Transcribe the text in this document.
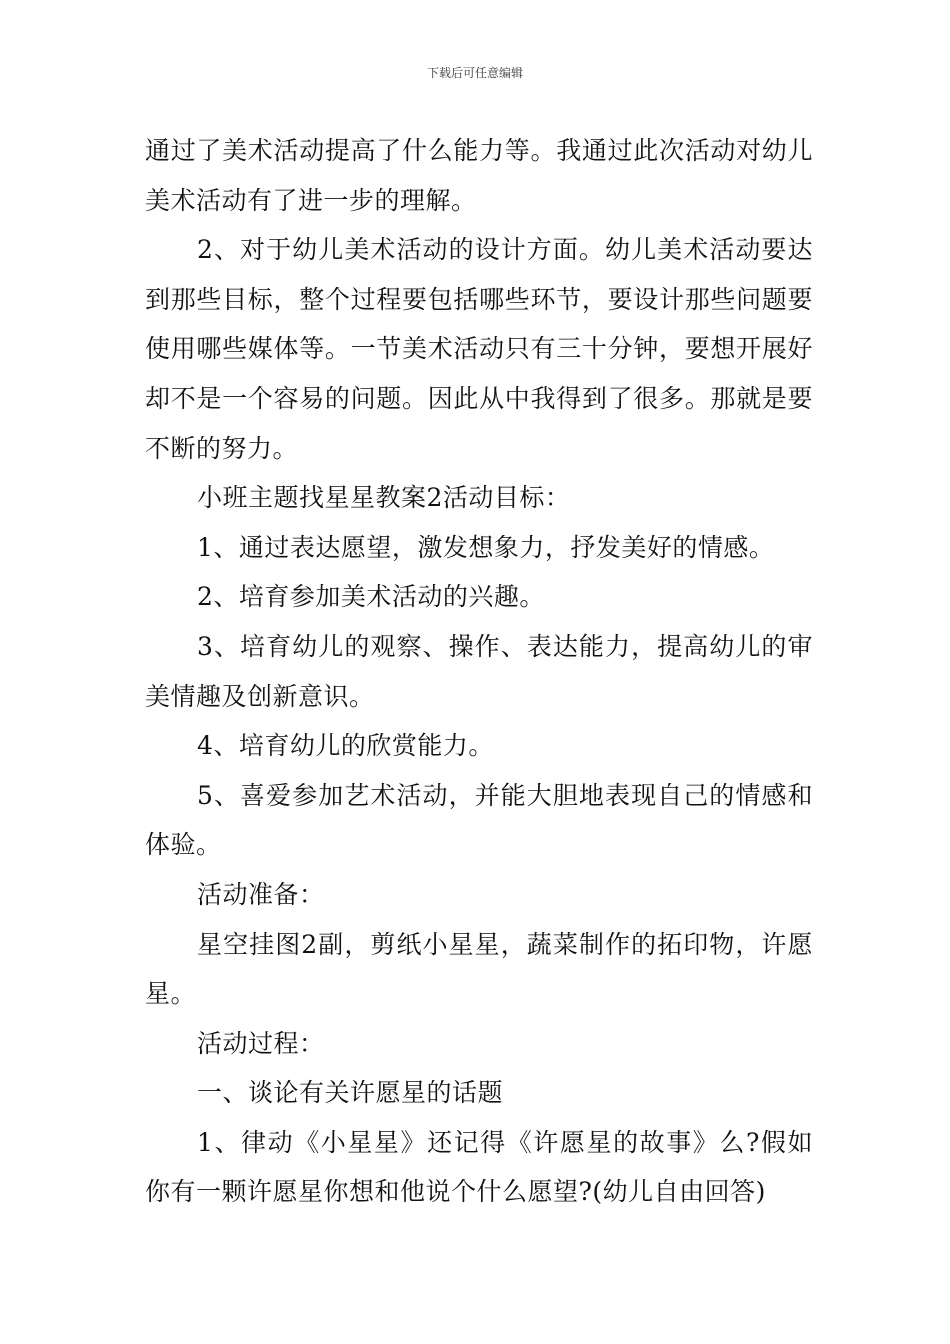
下载后可任意编辑

通过了美术活动提高了什么能力等。我通过此次活动对幼儿美术活动有了进一步的理解。

2、对于幼儿美术活动的设计方面。幼儿美术活动要达到那些目标，整个过程要包括哪些环节，要设计那些问题要使用哪些媒体等。一节美术活动只有三十分钟，要想开展好却不是一个容易的问题。因此从中我得到了很多。那就是要不断的努力。

小班主题找星星教案2活动目标：

1、通过表达愿望，激发想象力，抒发美好的情感。

2、培育参加美术活动的兴趣。

3、培育幼儿的观察、操作、表达能力，提高幼儿的审美情趣及创新意识。

4、培育幼儿的欣赏能力。

5、喜爱参加艺术活动，并能大胆地表现自己的情感和体验。

活动准备：

星空挂图2副，剪纸小星星，蔬菜制作的拓印物，许愿星。

活动过程：

一、谈论有关许愿星的话题

1、律动《小星星》还记得《许愿星的故事》么?假如你有一颗许愿星你想和他说个什么愿望?(幼儿自由回答)
